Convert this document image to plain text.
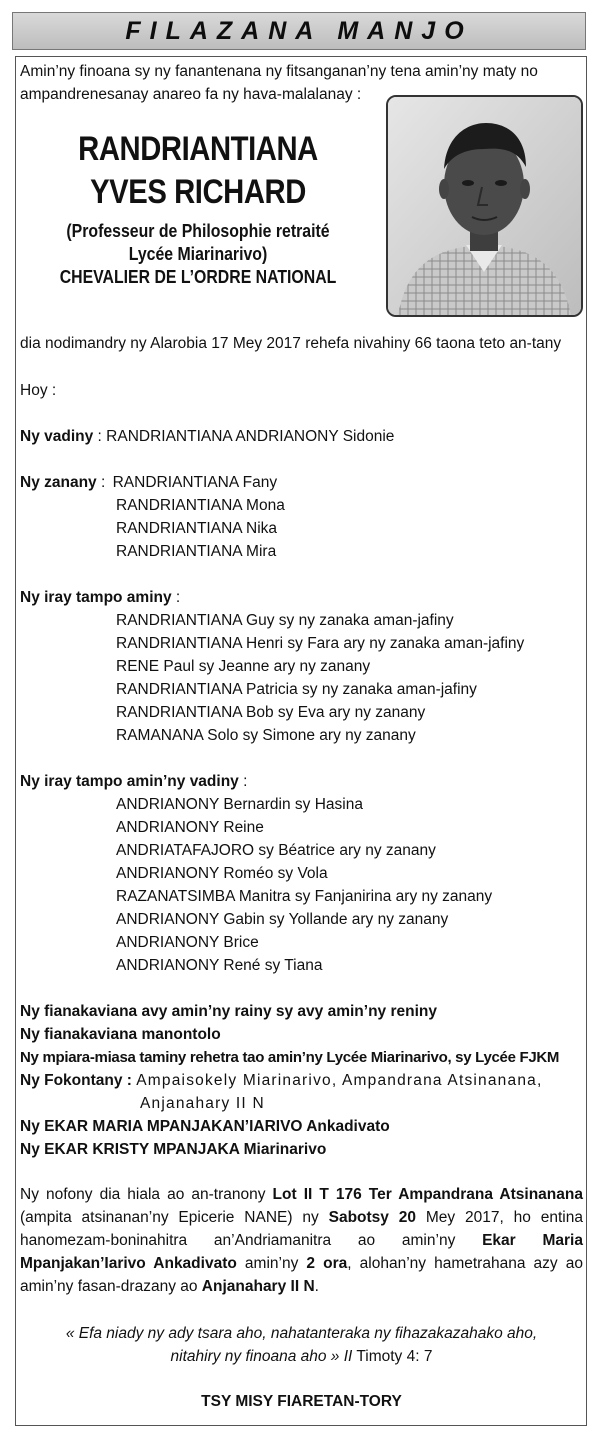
FILAZANA MANJO

Amin’ny finoana sy ny fanantenana ny fitsanganan’ny tena amin’ny maty no ampandrenesanay anareo fa ny hava-malalanay :

RANDRIANTIANA
YVES RICHARD
(Professeur de Philosophie retraité
Lycée Miarinarivo)
CHEVALIER DE L’ORDRE NATIONAL
dia nodimandry ny Alarobia 17 Mey 2017 rehefa nivahiny 66 taona teto an-tany
Hoy :
Ny vadiny : RANDRIANTIANA ANDRIANONY Sidonie
Ny zanany : RANDRIANTIANA Fany
RANDRIANTIANA Mona
RANDRIANTIANA Nika
RANDRIANTIANA Mira
Ny iray tampo aminy :
RANDRIANTIANA Guy sy ny zanaka aman-jafiny
RANDRIANTIANA Henri sy Fara ary ny zanaka aman-jafiny
RENE Paul sy Jeanne ary ny zanany
RANDRIANTIANA Patricia sy ny zanaka aman-jafiny
RANDRIANTIANA Bob sy Eva ary ny zanany
RAMANANA Solo sy Simone ary ny zanany
Ny iray tampo amin’ny vadiny :
ANDRIANONY Bernardin sy Hasina
ANDRIANONY Reine
ANDRIATAFAJORO sy Béatrice ary ny zanany
ANDRIANONY Roméo sy Vola
RAZANATSIMBA Manitra sy Fanjanirina ary ny zanany
ANDRIANONY Gabin sy Yollande ary ny zanany
ANDRIANONY Brice
ANDRIANONY René sy Tiana
Ny fianakaviana avy amin’ny rainy sy avy amin’ny reniny
Ny fianakaviana manontolo
Ny mpiara-miasa taminy rehetra tao amin’ny Lycée Miarinarivo, sy Lycée FJKM
Ny Fokontany : Ampaisokely Miarinarivo, Ampandrana Atsinanana,
Anjanahary II N
Ny EKAR MARIA MPANJAKAN’IARIVO Ankadivato
Ny EKAR KRISTY MPANJAKA Miarinarivo
Ny nofony dia hiala ao an-tranony Lot II T 176 Ter Ampandrana Atsinanana (ampita atsinanan’ny Epicerie NANE) ny Sabotsy 20 Mey 2017, ho entina hanomezam-boninahitra an’Andriamanitra ao amin’ny Ekar Maria Mpanjakan’Iarivo Ankadivato amin’ny 2 ora, alohan’ny hametrahana azy ao amin’ny fasan-drazany ao Anjanahary II N.
« Efa niady ny ady tsara aho, nahatanteraka ny fihazakazahako aho,
nitahiry ny finoana aho » II Timoty 4: 7
TSY MISY FIARETAN-TORY
